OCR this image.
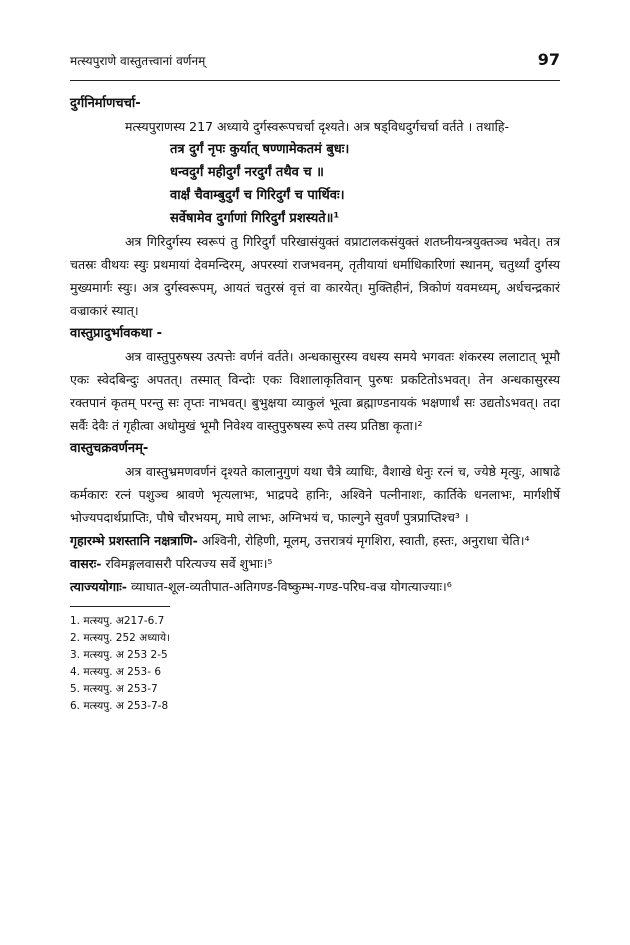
मत्स्यपुराणे वास्तुतत्त्वानां वर्णनम्	97

दुर्गनिर्माणचर्चा-

मत्स्यपुराणस्य 217 अध्याये दुर्गस्वरूपचर्चा दृश्यते। अत्र षड्विधदुर्गचर्चा वर्तते । तथाहि-

तत्र दुर्गं नृपः कुर्यात् षण्णामेकतमं बुधः।
धन्वदुर्गं महीदुर्गं नरदुर्गं तथैव च ॥
वार्क्षं चैवाम्बुदुर्गं च गिरिदुर्गं च पार्थिवः।
सर्वेषामेव दुर्गाणां गिरिदुर्गं प्रशस्यते॥¹

अत्र गिरिदुर्गस्य स्वरूपं तु गिरिदुर्गं परिखासंयुक्तं वप्राटालकसंयुक्तं शतघ्नीयन्त्रयुक्तञ्च भवेत्। तत्र चतस्रः वीथयः स्युः प्रथमायां देवमन्दिरम्, अपरस्यां राजभवनम्, तृतीयायां धर्माधिकारिणां स्थानम्, चतुर्थ्यां दुर्गस्य मुख्यमार्गः स्युः। अत्र दुर्गस्वरूपम्, आयतं चतुरस्रं वृत्तं वा कारयेत्। मुक्तिहीनं, त्रिकोणं यवमध्यम्, अर्धचन्द्रकारं वज्राकारं स्यात्।

वास्तुप्रादुर्भावकथा -

अत्र वास्तुपुरुषस्य उत्पत्तेः वर्णनं वर्तते। अन्धकासुरस्य वधस्य समये भगवतः शंकरस्य ललाटात् भूमौ एकः स्वेदबिन्दुः अपतत्। तस्मात् विन्दोः एकः विशालाकृतिवान् पुरुषः प्रकटितोऽभवत्। तेन अन्धकासुरस्य रक्तपानं कृतम् परन्तु सः तृप्तः नाभवत्। बुभुक्षया व्याकुलं भूत्वा ब्रह्माण्डनायकं भक्षणार्थं सः उद्यतोऽभवत्। तदा सर्वैः देवैः तं गृहीत्वा अधोमुखं भूमौ निवेश्य वास्तुपुरुषस्य रूपे तस्य प्रतिष्ठा कृता।²

वास्तुचक्रवर्णनम्-

अत्र वास्तुभ्रमणवर्णनं दृश्यते कालानुगुणं यथा चैत्रे व्याधिः, वैशाखे धेनुः रत्नं च, ज्येष्ठे मृत्युः, आषाढे कर्मकारः रत्नं पशुञ्च श्रावणे भृत्यलाभः, भाद्रपदे हानिः, अश्विने पत्नीनाशः, कार्तिके धनलाभः, मार्गशीर्षे भोज्यपदार्थप्राप्तिः, पौषे चौरभयम्, माघे लाभः, अग्निभयं च, फाल्गुने सुवर्णं पुत्रप्राप्तिश्च³ ।

गृहारम्भे प्रशस्तानि नक्षत्राणि- अश्विनी, रोहिणी, मूलम्, उत्तरात्रयं मृगशिरा, स्वाती, हस्तः, अनुराधा चेति।⁴

वासरः- रविमङ्गलवासरौ परित्यज्य सर्वे शुभाः।⁵

त्याज्ययोगाः- व्याघात-शूल-व्यतीपात-अतिगण्ड-विष्कुम्भ-गण्ड-परिघ-वज्र योगत्याज्याः।⁶

1. मत्स्यपु. अ217-6.7
2. मत्स्यपु. 252 अध्याये।
3. मत्स्यपु. अ 253 2-5
4. मत्स्यपु. अ 253- 6
5. मत्स्यपु. अ 253-7
6. मत्स्यपु. अ 253-7-8
